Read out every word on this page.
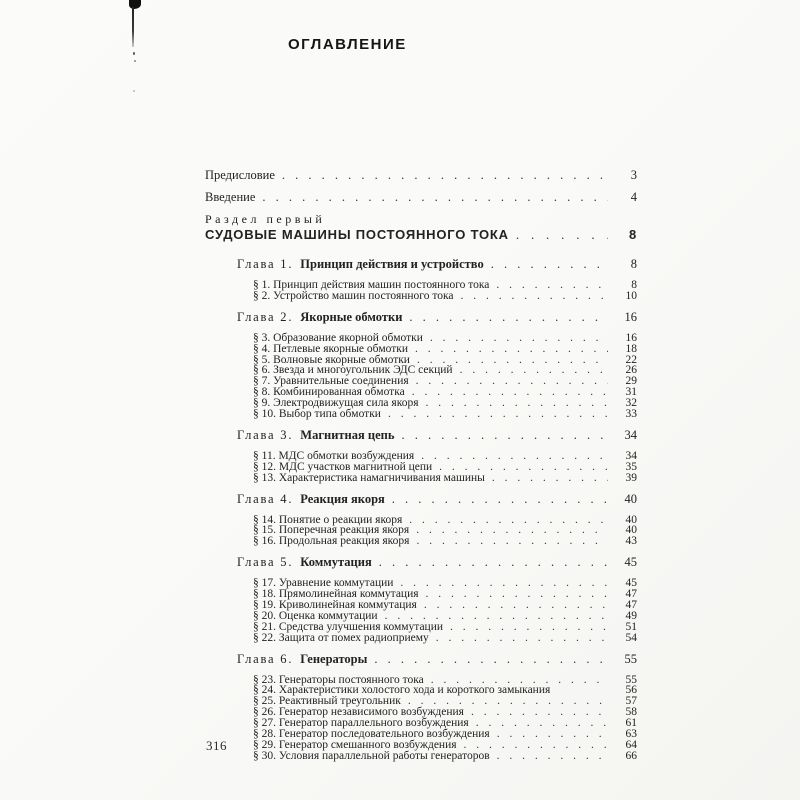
ОГЛАВЛЕНИЕ
Предисловие . . .	3
Введение . . .	4
Раздел первый
СУДОВЫЕ МАШИНЫ ПОСТОЯННОГО ТОКА . . .	8
Глава 1. Принцип действия и устройство . . .	8
§ 1. Принцип действия машин постоянного тока . . .	8
§ 2. Устройство машин постоянного тока . . .	10
Глава 2. Якорные обмотки . . .	16
§ 3. Образование якорной обмотки . . .	16
§ 4. Петлевые якорные обмотки . . .	18
§ 5. Волновые якорные обмотки . . .	22
§ 6. Звезда и многоугольник ЭДС секций . . .	26
§ 7. Уравнительные соединения . . .	29
§ 8. Комбинированная обмотка . . .	31
§ 9. Электродвижущая сила якоря . . .	32
§ 10. Выбор типа обмотки . . .	33
Глава 3. Магнитная цепь . . .	34
§ 11. МДС обмотки возбуждения . . .	34
§ 12. МДС участков магнитной цепи . . .	35
§ 13. Характеристика намагничивания машины . . .	39
Глава 4. Реакция якоря . . .	40
§ 14. Понятие о реакции якоря . . .	40
§ 15. Поперечная реакция якоря . . .	40
§ 16. Продольная реакция якоря . . .	43
Глава 5. Коммутация . . .	45
§ 17. Уравнение коммутации . . .	45
§ 18. Прямолинейная коммутация . . .	47
§ 19. Криволинейная коммутация . . .	47
§ 20. Оценка коммутации . . .	49
§ 21. Средства улучшения коммутации . . .	51
§ 22. Защита от помех радиоприему . . .	54
Глава 6. Генераторы . . .	55
§ 23. Генераторы постоянного тока . . .	55
§ 24. Характеристики холостого хода и короткого замыкания	56
§ 25. Реактивный треугольник . . .	57
§ 26. Генератор независимого возбуждения . . .	58
§ 27. Генератор параллельного возбуждения . . .	61
§ 28. Генератор последовательного возбуждения . . .	63
§ 29. Генератор смешанного возбуждения . . .	64
§ 30. Условия параллельной работы генераторов . . .	66
316
